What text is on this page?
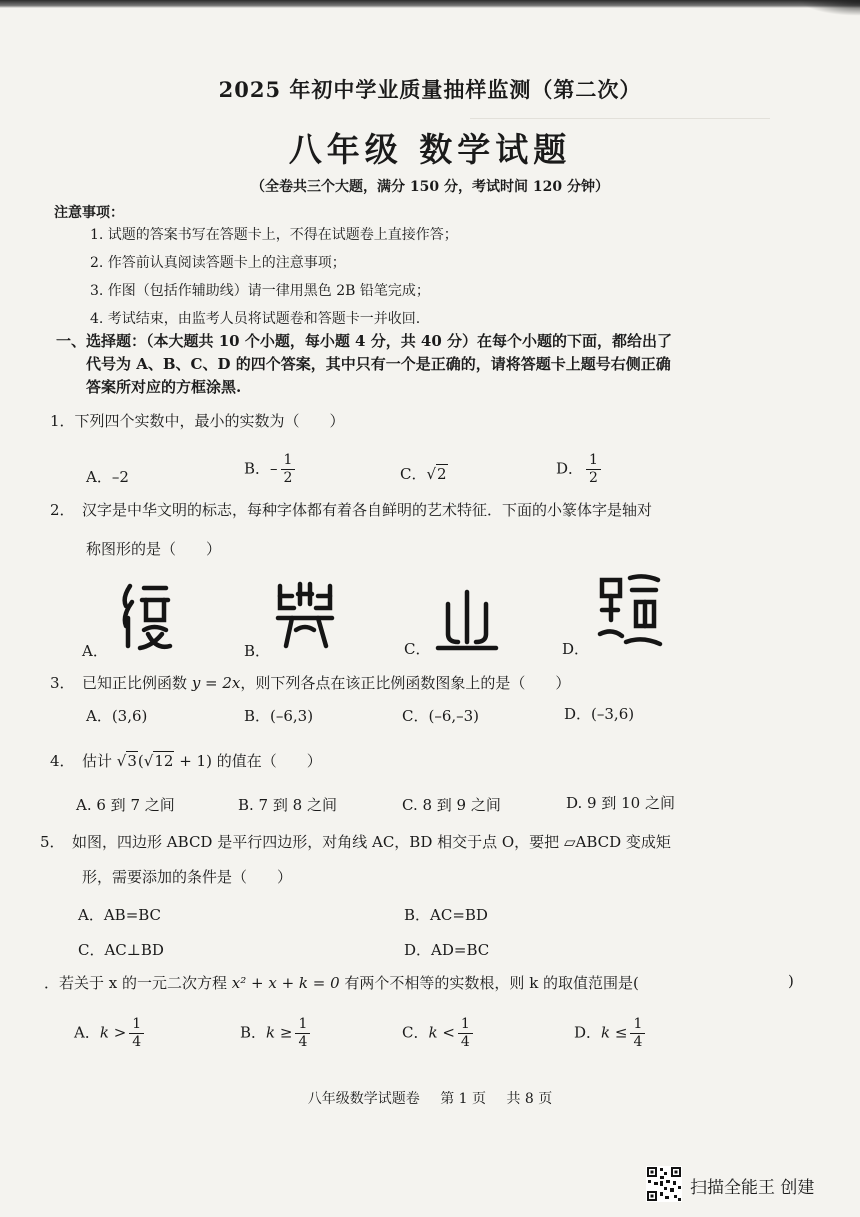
2025 年初中学业质量抽样监测（第二次）
八年级 数学试题
（全卷共三个大题，满分 150 分，考试时间 120 分钟）
注意事项：
1. 试题的答案书写在答题卡上，不得在试题卷上直接作答；
2. 作答前认真阅读答题卡上的注意事项；
3. 作图（包括作辅助线）请一律用黑色 2B 铅笔完成；
4. 考试结束，由监考人员将试题卷和答题卡一并收回.
一、选择题：（本大题共 10 个小题，每小题 4 分，共 40 分）在每个小题的下面，都给出了
代号为 A、B、C、D 的四个答案，其中只有一个是正确的，请将答题卡上题号右侧正确
答案所对应的方框涂黑.
1．下列四个实数中，最小的实数为（　　）
A．–2	B．– $\frac{1}{2}$	C．√2	D． $\frac{1}{2}$
2．　汉字是中华文明的标志，每种字体都有着各自鲜明的艺术特征．下面的小篆体字是轴对
称图形的是（　　）
A．	B．	C．	D．
3．　已知正比例函数 y = 2x，则下列各点在该正比例函数图象上的是（　　）
A．(3,6)	B．(–6,3)	C．(–6,–3)	D．(–3,6)
4．　估计 √3(√12 + 1) 的值在（　　）
A. 6 到 7 之间	B. 7 到 8 之间	C. 8 到 9 之间	D. 9 到 10 之间
5．　如图，四边形 ABCD 是平行四边形，对角线 AC，BD 相交于点 O，要把 ▱ABCD 变成矩
形，需要添加的条件是（　　）
A．AB=BC	B．AC=BD
C．AC⊥BD	D．AD=BC
．若关于 x 的一元二次方程 x² + x + k = 0 有两个不相等的实数根，则 k 的取值范围是(	)
A．$k > \frac{1}{4}$	B．$k \ge \frac{1}{4}$	C．$k < \frac{1}{4}$	D．$k \le \frac{1}{4}$
八年级数学试题卷 第 1 页 共 8 页
扫描全能王 创建
